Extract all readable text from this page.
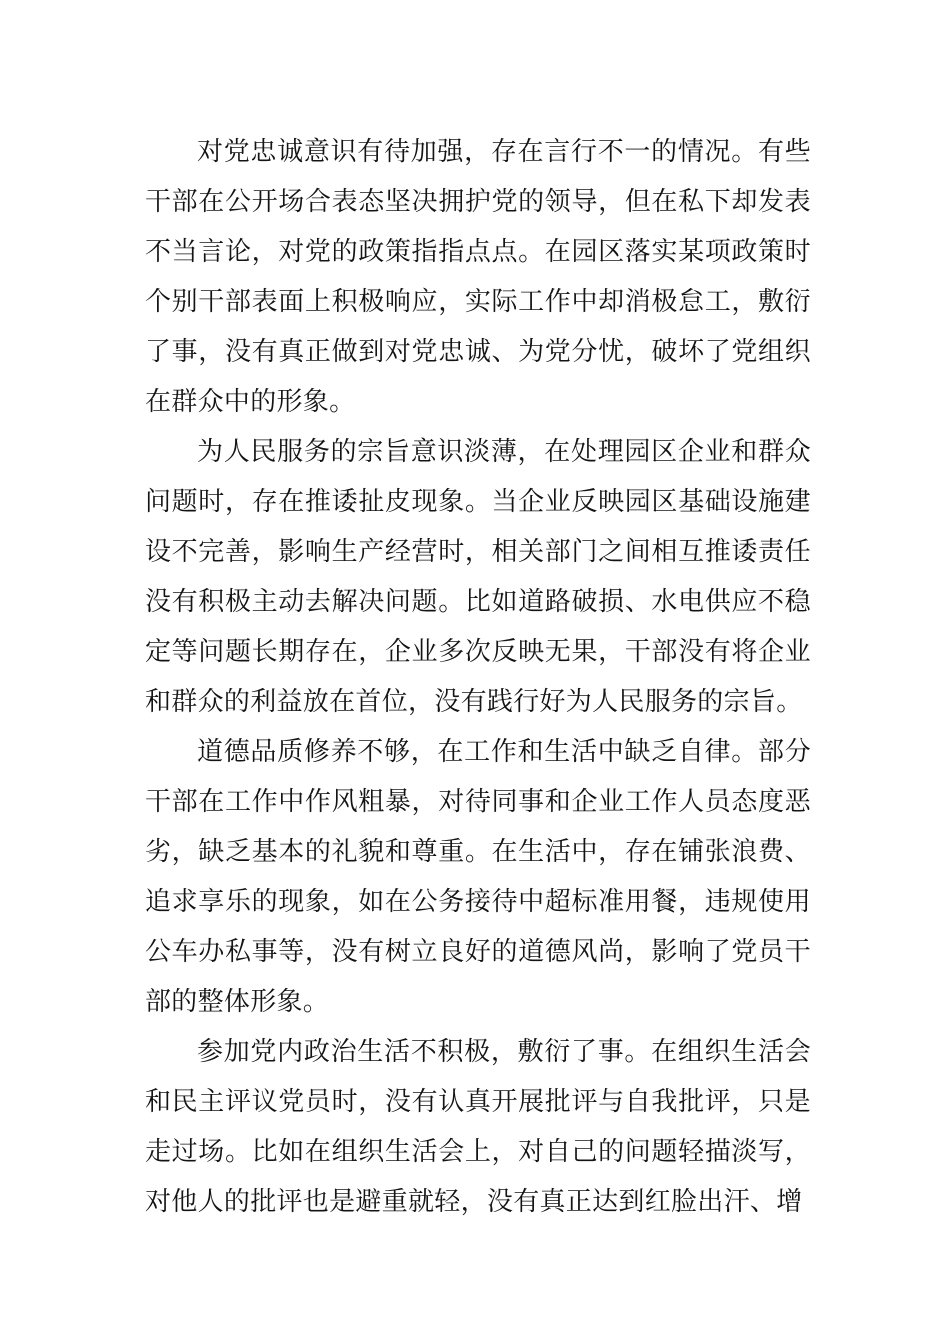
对党忠诚意识有待加强，存在言行不一的情况。有些干部在公开场合表态坚决拥护党的领导，但在私下却发表不当言论，对党的政策指指点点。在园区落实某项政策时个别干部表面上积极响应，实际工作中却消极怠工，敷衍了事，没有真正做到对党忠诚、为党分忧，破坏了党组织在群众中的形象。

为人民服务的宗旨意识淡薄，在处理园区企业和群众问题时，存在推诿扯皮现象。当企业反映园区基础设施建设不完善，影响生产经营时，相关部门之间相互推诿责任没有积极主动去解决问题。比如道路破损、水电供应不稳定等问题长期存在，企业多次反映无果，干部没有将企业和群众的利益放在首位，没有践行好为人民服务的宗旨。

道德品质修养不够，在工作和生活中缺乏自律。部分干部在工作中作风粗暴，对待同事和企业工作人员态度恶劣，缺乏基本的礼貌和尊重。在生活中，存在铺张浪费、追求享乐的现象，如在公务接待中超标准用餐，违规使用公车办私事等，没有树立良好的道德风尚，影响了党员干部的整体形象。

参加党内政治生活不积极，敷衍了事。在组织生活会和民主评议党员时，没有认真开展批评与自我批评，只是走过场。比如在组织生活会上，对自己的问题轻描淡写，对他人的批评也是避重就轻，没有真正达到红脸出汗、增
